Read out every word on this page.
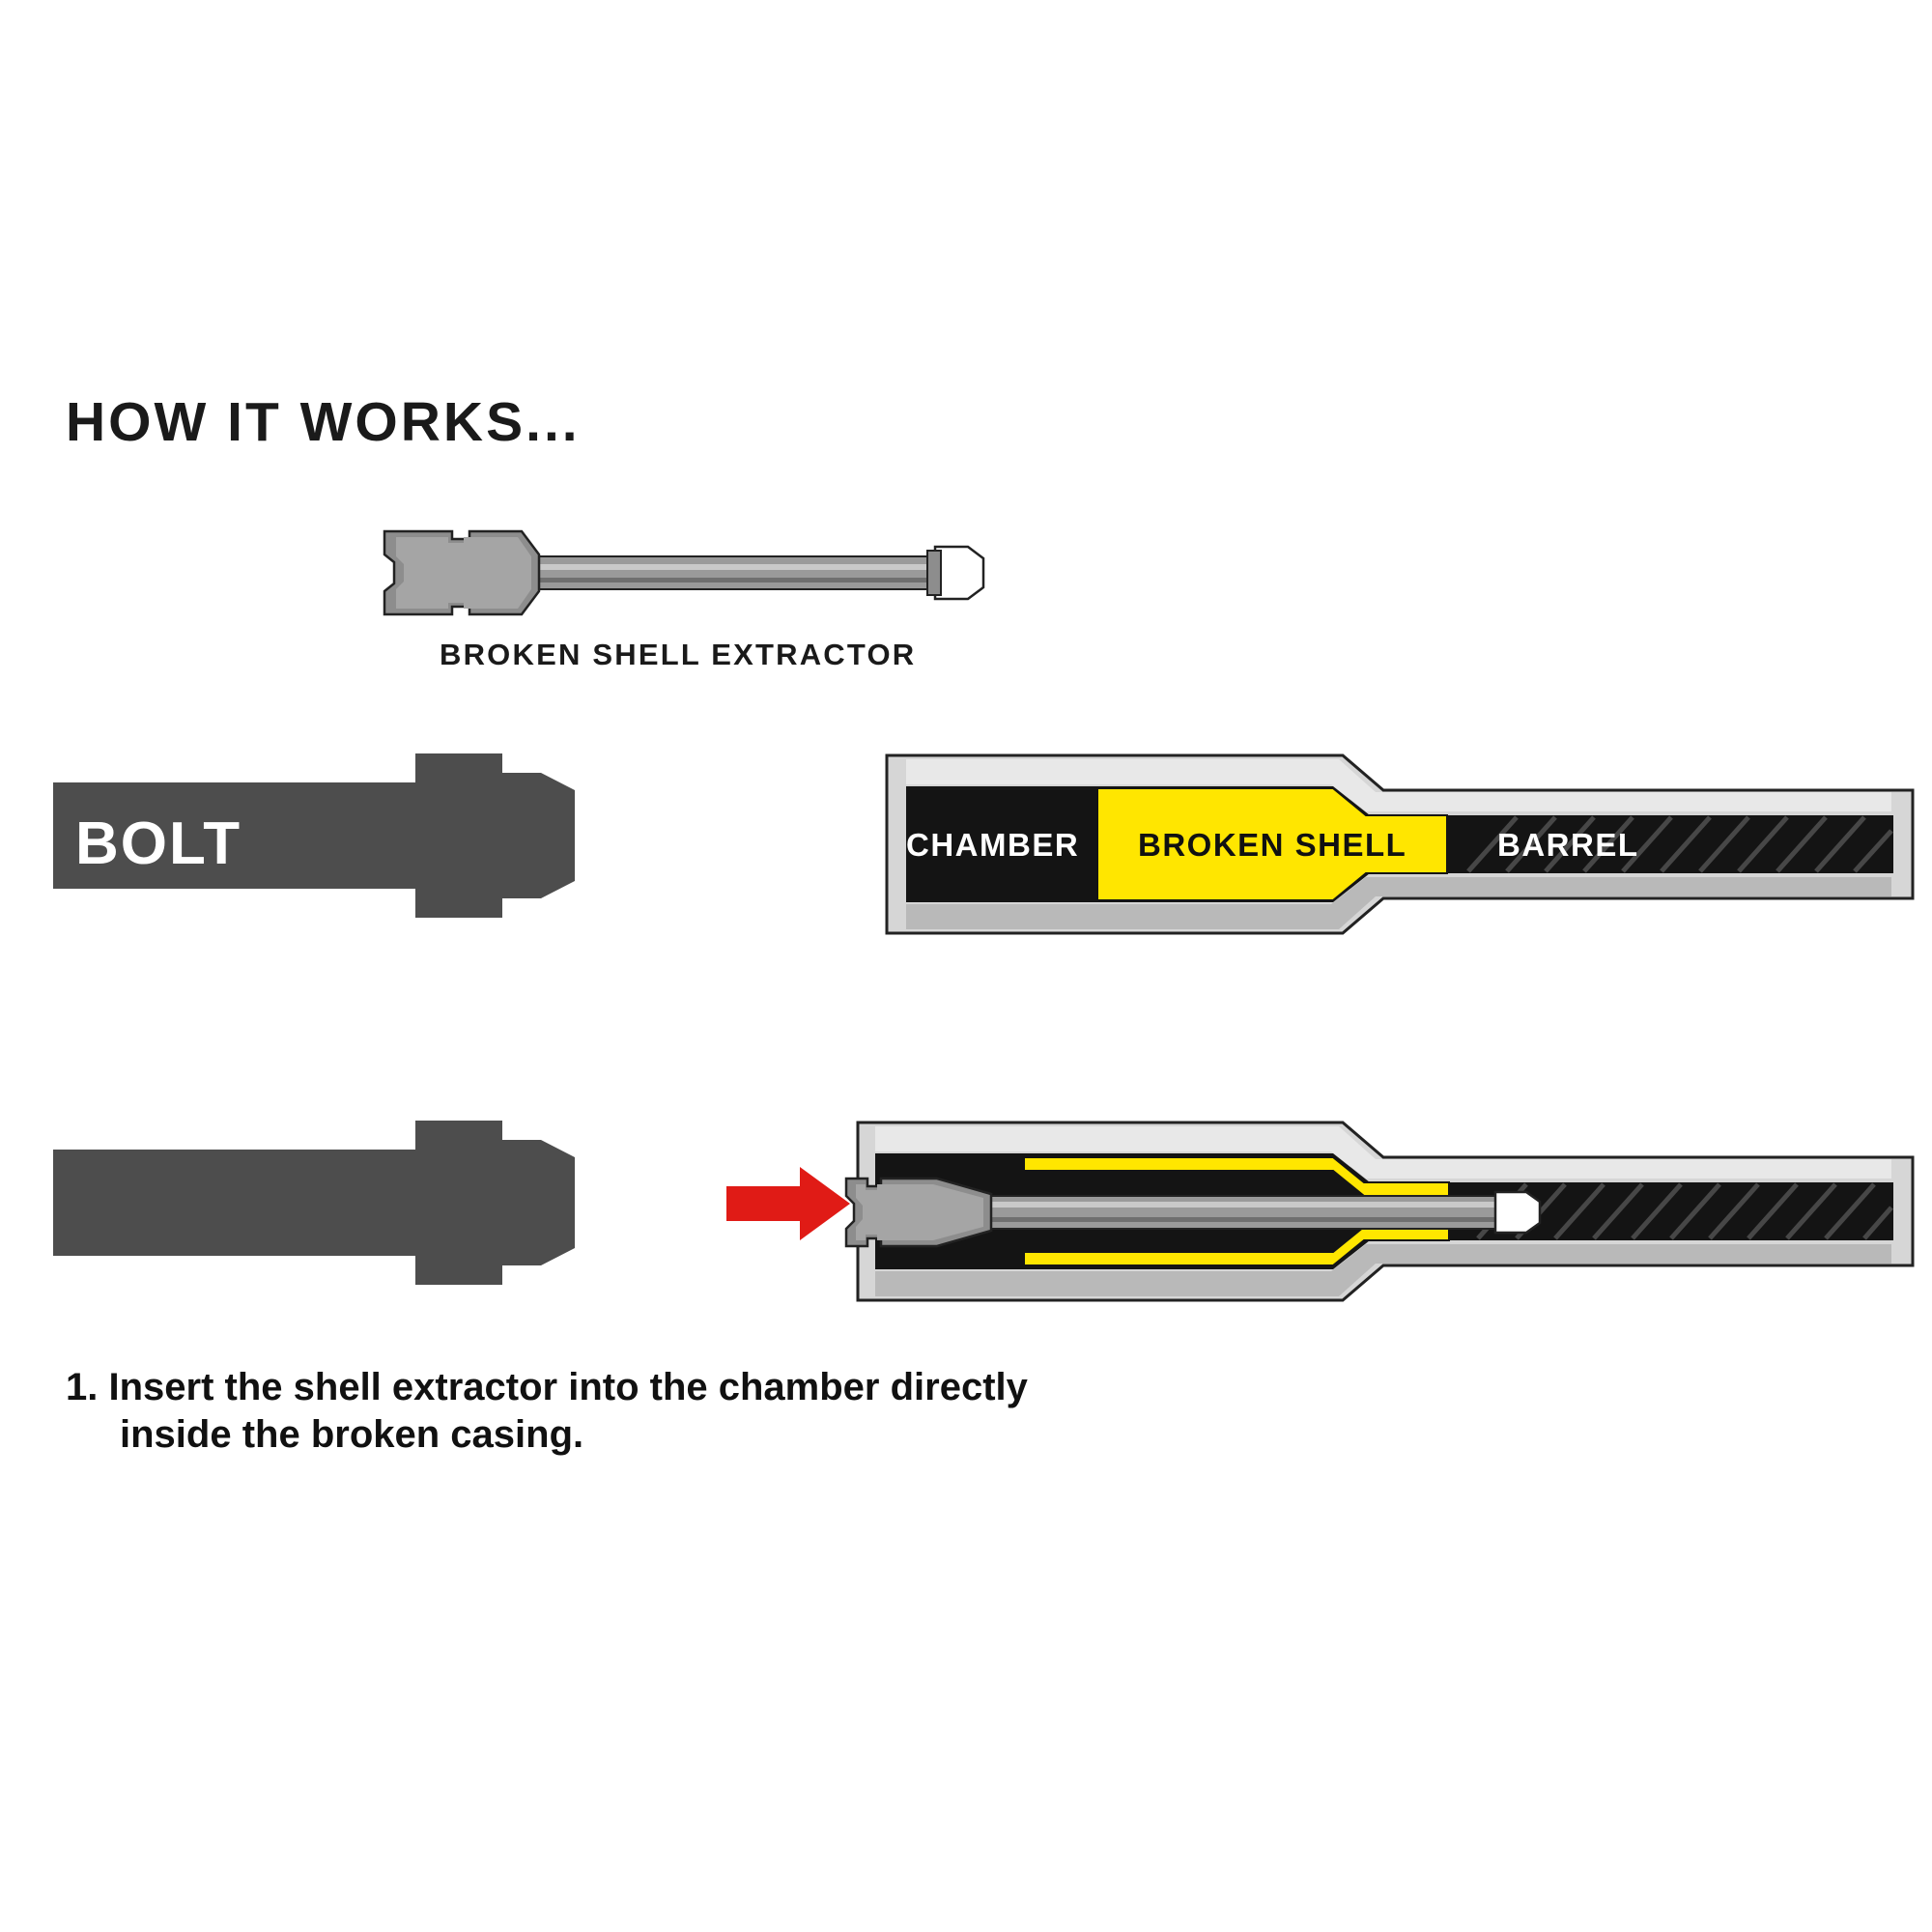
HOW IT WORKS...
BROKEN SHELL EXTRACTOR
BOLT	CHAMBER BROKEN SHELL	BARREL
1. Insert the shell extractor into the chamber directly
inside the broken casing.
